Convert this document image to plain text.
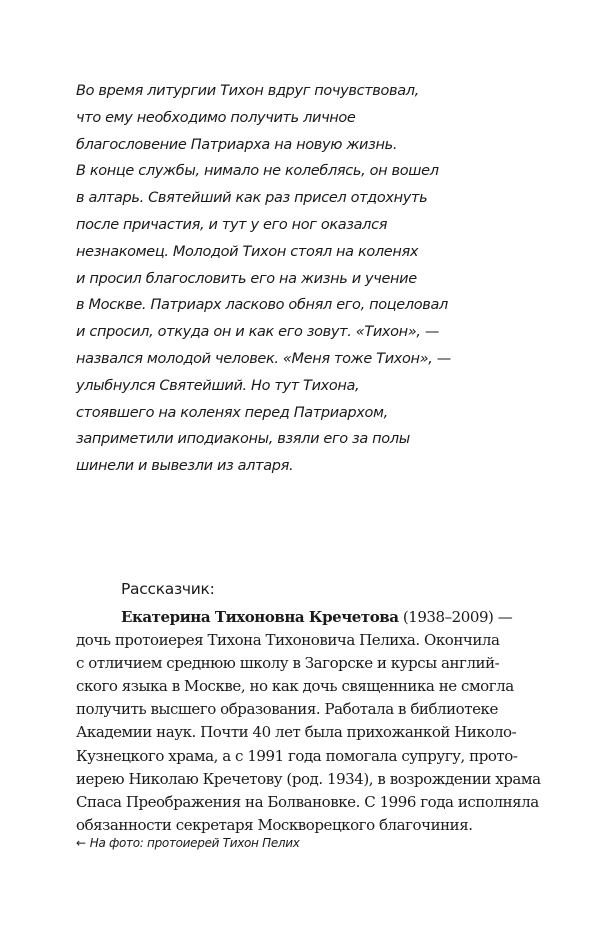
Во время литургии Тихон вдруг почувствовал,
что ему необходимо получить личное
благословение Патриарха на новую жизнь.
В конце службы, нимало не колеблясь, он вошел
в алтарь. Святейший как раз присел отдохнуть
после причастия, и тут у его ног оказался
незнакомец. Молодой Тихон стоял на коленях
и просил благословить его на жизнь и учение
в Москве. Патриарх ласково обнял его, поцеловал
и спросил, откуда он и как его зовут. «Тихон», —
назвался молодой человек. «Меня тоже Тихон», —
улыбнулся Святейший. Но тут Тихона,
стоявшего на коленях перед Патриархом,
заприметили иподиаконы, взяли его за полы
шинели и вывезли из алтаря.
Рассказчик:
Екатерина Тихоновна Кречетова (1938–2009) —
дочь протоиерея Тихона Тихоновича Пелиха. Окончила
с отличием среднюю школу в Загорске и курсы англий-
ского языка в Москве, но как дочь священника не смогла
получить высшего образования. Работала в библиотеке
Академии наук. Почти 40 лет была прихожанкой Николо-
Кузнецкого храма, а с 1991 года помогала супругу, прото-
иерею Николаю Кречетову (род. 1934), в возрождении храма
Спаса Преображения на Болвановке. С 1996 года исполняла
обязанности секретаря Москворецкого благочиния.
← На фото: протоиерей Тихон Пелих
